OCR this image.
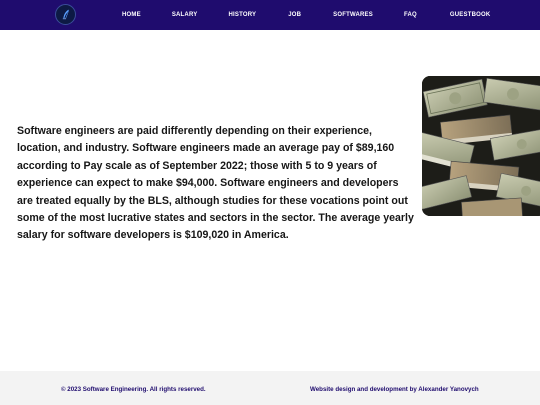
HOME	SALARY	HISTORY	JOB	SOFTWARES	FAQ	GUESTBOOK

Software engineers are paid differently depending on their experience, location, and industry. Software engineers made an average pay of $89,160 according to Pay scale as of September 2022; those with 5 to 9 years of experience can expect to make $94,000. Software engineers and developers are treated equally by the BLS, although studies for these vocations point out some of the most lucrative states and sectors in the sector. The average yearly salary for software developers is $109,020 in America.

© 2023 Software Engineering. All rights reserved.	Website design and development by Alexander Yanovych
